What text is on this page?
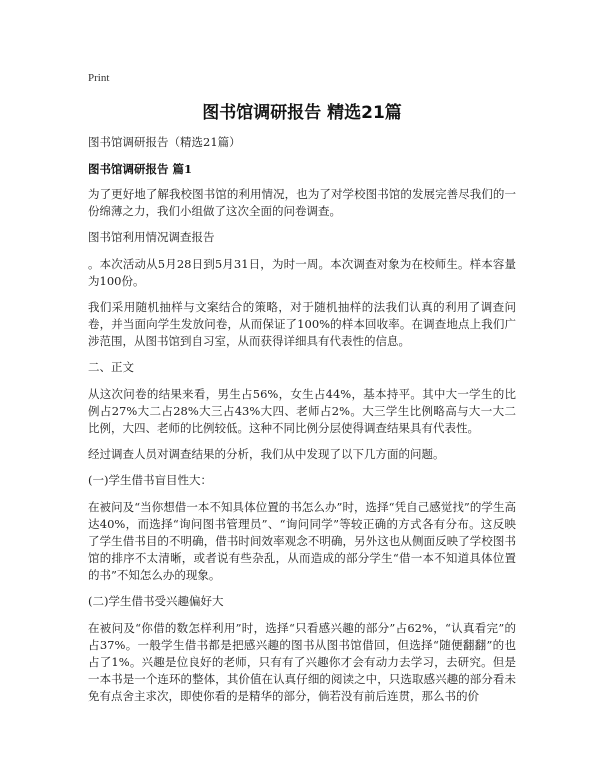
Print
图书馆调研报告 精选21篇
图书馆调研报告（精选21篇）
图书馆调研报告 篇1

为了更好地了解我校图书馆的利用情况，也为了对学校图书馆的发展完善尽我们的一份绵薄之力，我们小组做了这次全面的问卷调查。

图书馆利用情况调查报告

。本次活动从5月28日到5月31日，为时一周。本次调查对象为在校师生。样本容量为100份。

我们采用随机抽样与文案结合的策略，对于随机抽样的法我们认真的利用了调查问卷，并当面向学生发放问卷，从而保证了100%的样本回收率。在调查地点上我们广涉范围，从图书馆到自习室，从而获得详细具有代表性的信息。

二、正文

从这次问卷的结果来看，男生占56%，女生占44%，基本持平。其中大一学生的比例占27%大二占28%大三占43%大四、老师占2%。大三学生比例略高与大一大二比例，大四、老师的比例较低。这种不同比例分层使得调查结果具有代表性。

经过调查人员对调查结果的分析，我们从中发现了以下几方面的问题。

(一)学生借书盲目性大：

在被问及“当你想借一本不知具体位置的书怎么办”时，选择“凭自己感觉找”的学生高达40%，而选择“询问图书管理员”、“询问同学”等较正确的方式各有分布。这反映了学生借书目的不明确，借书时间效率观念不明确，另外这也从侧面反映了学校图书馆的排序不太清晰，或者说有些杂乱，从而造成的部分学生“借一本不知道具体位置的书”不知怎么办的现象。

(二)学生借书受兴趣偏好大

在被问及“你借的数怎样利用”时，选择“只看感兴趣的部分”占62%，“认真看完”的占37%。一般学生借书都是把感兴趣的图书从图书馆借回，但选择“随便翻翻”的也占了1%。兴趣是位良好的老师，只有有了兴趣你才会有动力去学习，去研究。但是一本书是一个连环的整体，其价值在认真仔细的阅读之中，只选取感兴趣的部分看未免有点舍主求次，即使你看的是精华的部分，倘若没有前后连贯，那么书的价
